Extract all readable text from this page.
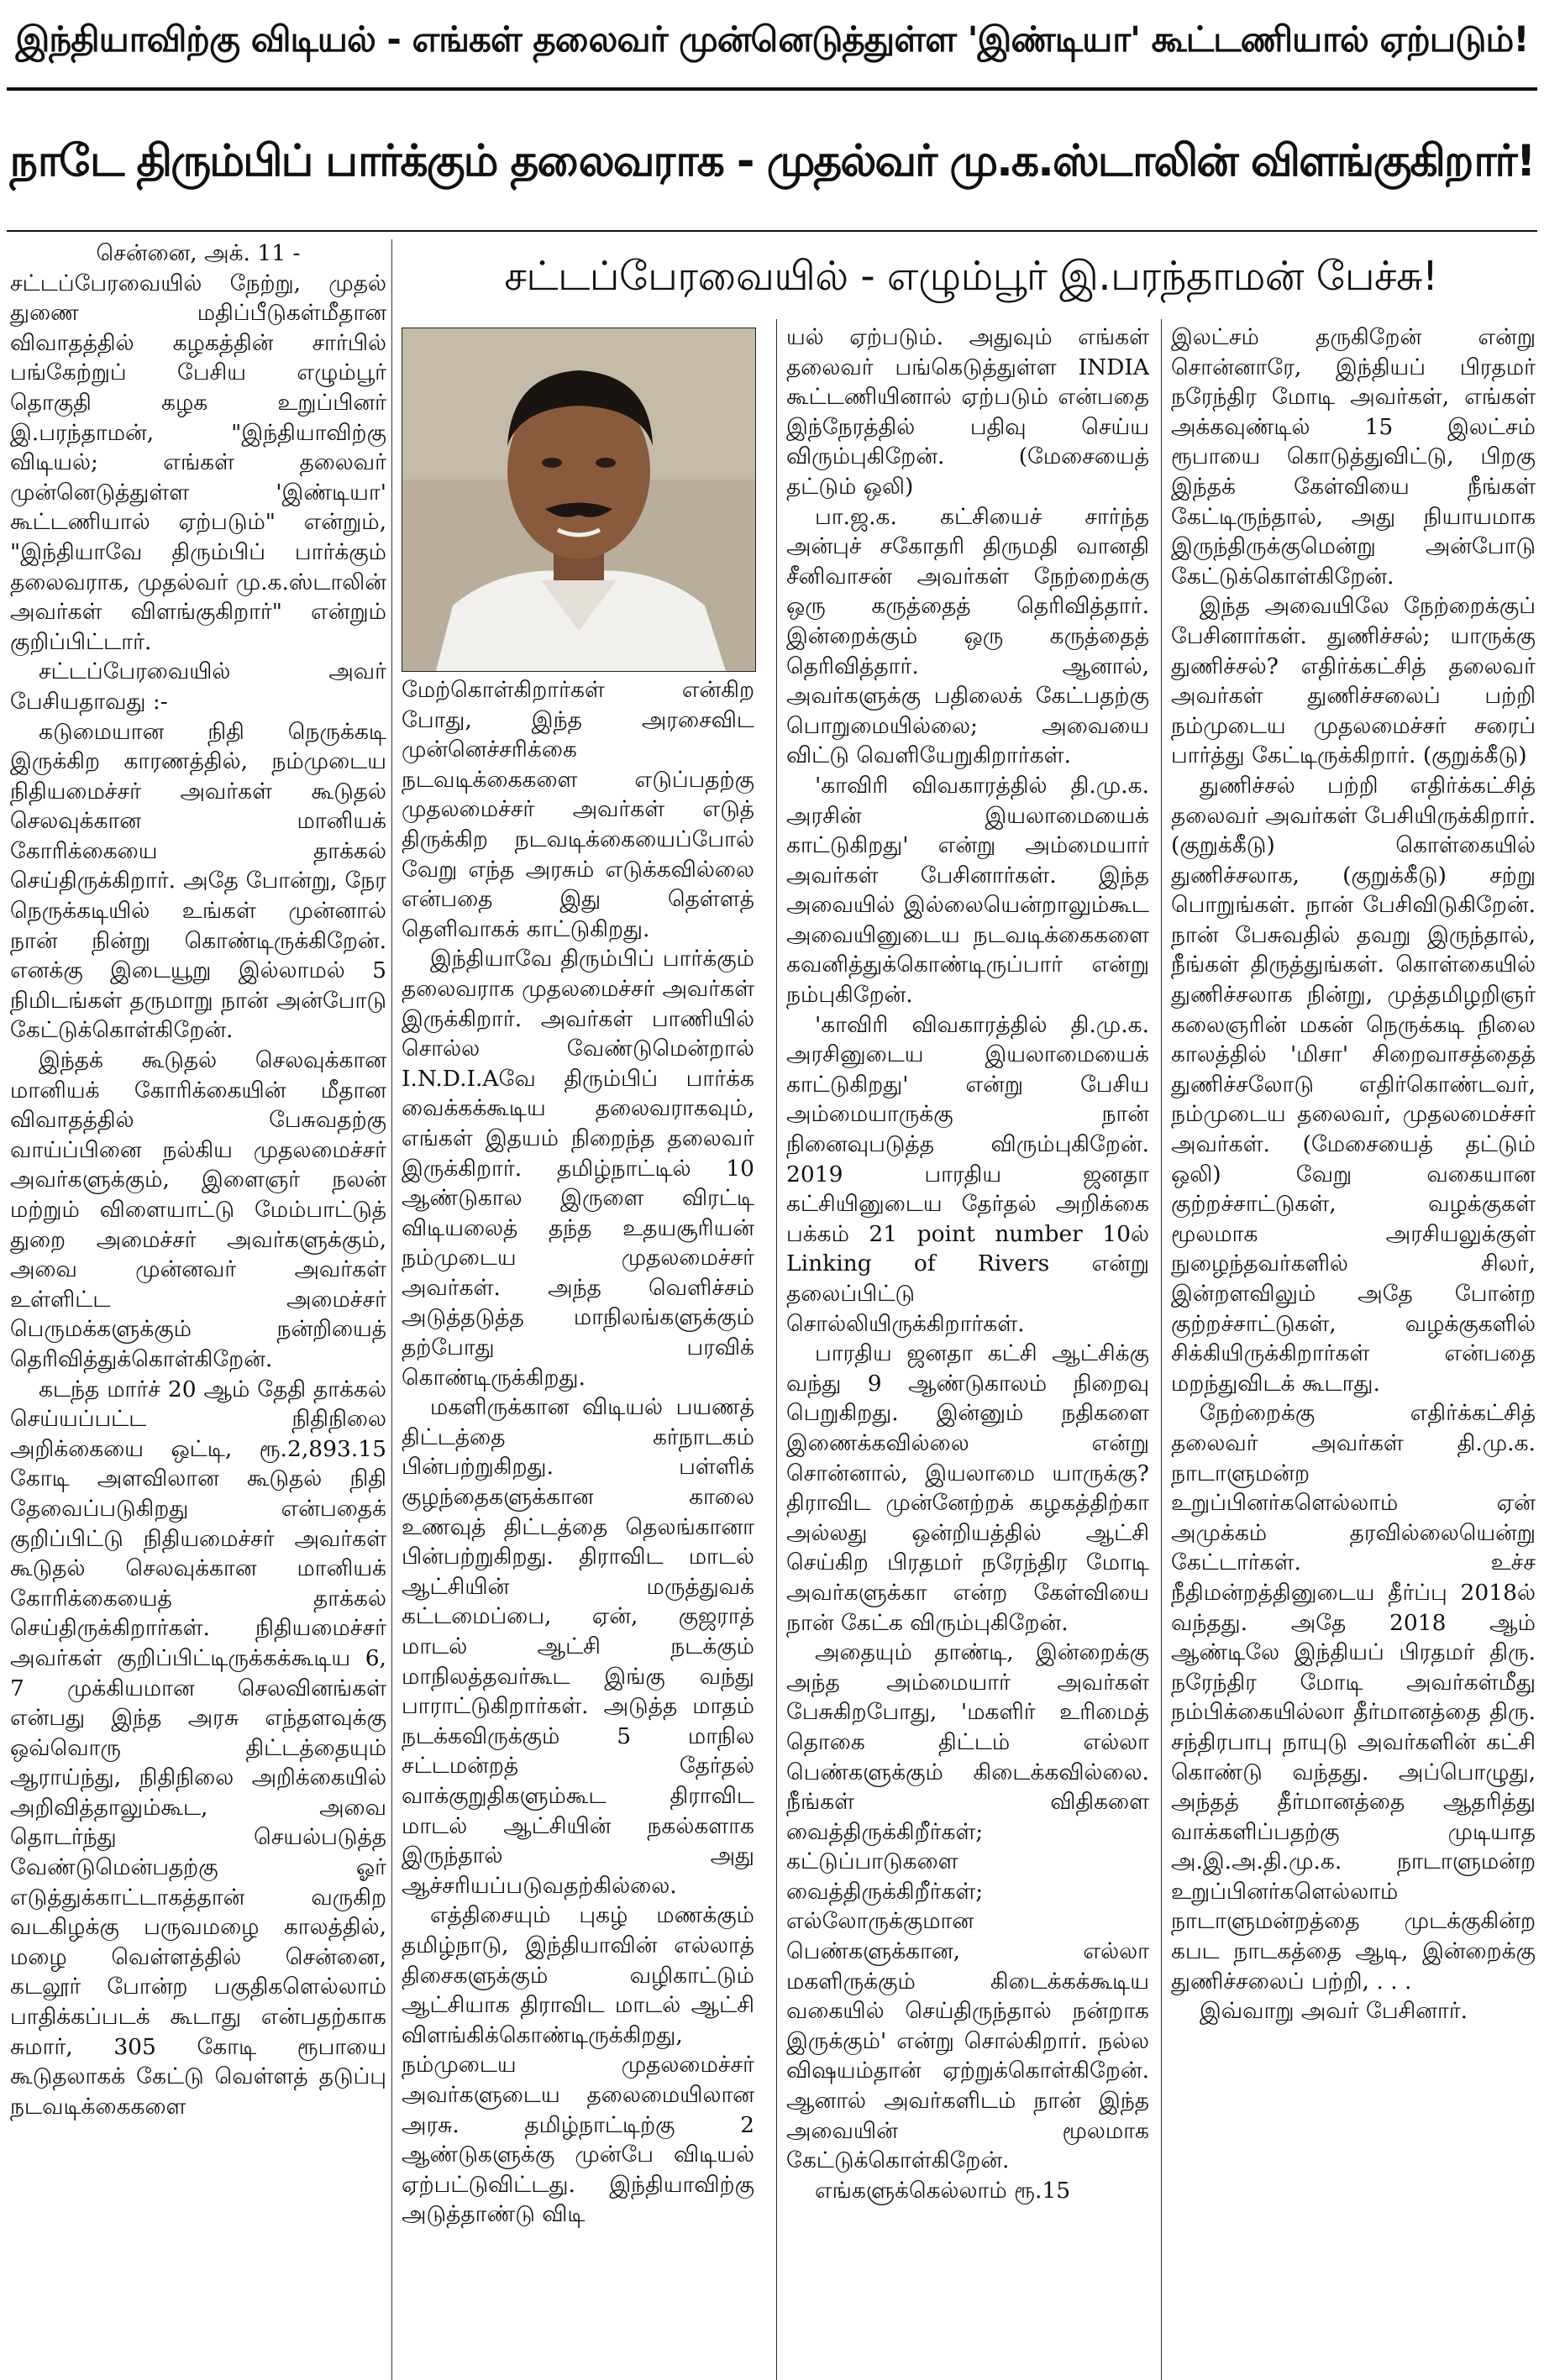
இந்தியாவிற்கு விடியல் - எங்கள் தலைவர் முன்னெடுத்துள்ள 'இண்டியா' கூட்டணியால் ஏற்படும்!
நாடே திரும்பிப் பார்க்கும் தலைவராக - முதல்வர் மு.க.ஸ்டாலின் விளங்குகிறார்!
சட்டப்பேரவையில் - எழும்பூர் இ.பரந்தாமன் பேச்சு!

சென்னை, அக். 11 -

சட்டப்பேரவையில் நேற்று, முதல் துணை மதிப்பீடுகள்மீதான விவாதத்தில் கழகத்தின் சார்பில் பங்கேற்றுப் பேசிய எழும்பூர் தொகுதி கழக உறுப்பினர் இ.பரந்தாமன், "இந்தியாவிற்கு விடியல்; எங்கள் தலைவர் முன்னெடுத்துள்ள 'இண்டியா' கூட்டணியால் ஏற்படும்" என்றும், "இந்தியாவே திரும்பிப் பார்க்கும் தலைவராக, முதல்வர் மு.க.ஸ்டாலின் அவர்கள் விளங்குகிறார்" என்றும் குறிப்பிட்டார்.

சட்டப்பேரவையில் அவர் பேசியதாவது :-

கடுமையான நிதி நெருக்கடி இருக்கிற காரணத்தில், நம்முடைய நிதியமைச்சர் அவர்கள் கூடுதல் செலவுக்கான மானியக் கோரிக்கையை தாக்கல் செய்திருக்கிறார். அதே போன்று, நேர நெருக்கடியில் உங்கள் முன்னால் நான் நின்று கொண்டிருக்கிறேன். எனக்கு இடையூறு இல்லாமல் 5 நிமிடங்கள் தருமாறு நான் அன்போடு கேட்டுக்கொள்கிறேன்.

இந்தக் கூடுதல் செலவுக்கான மானியக் கோரிக்கையின் மீதான விவாதத்தில் பேசுவதற்கு வாய்ப்பினை நல்கிய முதலமைச்சர் அவர்களுக்கும், இளைஞர் நலன் மற்றும் விளையாட்டு மேம்பாட்டுத் துறை அமைச்சர் அவர்களுக்கும், அவை முன்னவர் அவர்கள் உள்ளிட்ட அமைச்சர் பெருமக்களுக்கும் நன்றியைத் தெரிவித்துக்கொள்கிறேன்.

கடந்த மார்ச் 20 ஆம் தேதி தாக்கல் செய்யப்பட்ட நிதிநிலை அறிக்கையை ஒட்டி, ரூ.2,893.15 கோடி அளவிலான கூடுதல் நிதி தேவைப்படுகிறது என்பதைக் குறிப்பிட்டு நிதியமைச்சர் அவர்கள் கூடுதல் செலவுக்கான மானியக் கோரிக்கையைத் தாக்கல் செய்திருக்கிறார்கள். நிதியமைச்சர் அவர்கள் குறிப்பிட்டிருக்கக்கூடிய 6, 7 முக்கியமான செலவினங்கள் என்பது இந்த அரசு எந்தளவுக்கு ஒவ்வொரு திட்டத்தையும் ஆராய்ந்து, நிதிநிலை அறிக்கையில் அறிவித்தாலும்கூட, அவை தொடர்ந்து செயல்படுத்த வேண்டுமென்பதற்கு ஓர் எடுத்துக்காட்டாகத்தான் வருகிற வடகிழக்கு பருவமழை காலத்தில், மழை வெள்ளத்தில் சென்னை, கடலூர் போன்ற பகுதிகளெல்லாம் பாதிக்கப்படக் கூடாது என்பதற்காக சுமார், 305 கோடி ரூபாயை கூடுதலாகக் கேட்டு வெள்ளத் தடுப்பு நடவடிக்கைகளை

மேற்கொள்கிறார்கள் என்கிற போது, இந்த அரசைவிட முன்னெச்சரிக்கை நடவடிக்கைகளை எடுப்பதற்கு முதலமைச்சர் அவர்கள் எடுத் திருக்கிற நடவடிக்கையைப்போல் வேறு எந்த அரசும் எடுக்கவில்லை என்பதை இது தெள்ளத் தெளிவாகக் காட்டுகிறது.

இந்தியாவே திரும்பிப் பார்க்கும் தலைவராக முதலமைச்சர் அவர்கள் இருக்கிறார். அவர்கள் பாணியில் சொல்ல வேண்டுமென்றால் I.N.D.I.Aவே திரும்பிப் பார்க்க வைக்கக்கூடிய தலைவராகவும், எங்கள் இதயம் நிறைந்த தலைவர் இருக்கிறார். தமிழ்நாட்டில் 10 ஆண்டுகால இருளை விரட்டி விடியலைத் தந்த உதயசூரியன் நம்முடைய முதலமைச்சர் அவர்கள். அந்த வெளிச்சம் அடுத்தடுத்த மாநிலங்களுக்கும் தற்போது பரவிக் கொண்டிருக்கிறது.

மகளிருக்கான விடியல் பயணத் திட்டத்தை கர்நாடகம் பின்பற்றுகிறது. பள்ளிக் குழந்தைகளுக்கான காலை உணவுத் திட்டத்தை தெலங்கானா பின்பற்றுகிறது. திராவிட மாடல் ஆட்சியின் மருத்துவக் கட்டமைப்பை, ஏன், குஜராத் மாடல் ஆட்சி நடக்கும் மாநிலத்தவர்கூட இங்கு வந்து பாராட்டுகிறார்கள். அடுத்த மாதம் நடக்கவிருக்கும் 5 மாநில சட்டமன்றத் தேர்தல் வாக்குறுதிகளும்கூட திராவிட மாடல் ஆட்சியின் நகல்களாக இருந்தால் அது ஆச்சரியப்படுவதற்கில்லை.

எத்திசையும் புகழ் மணக்கும் தமிழ்நாடு, இந்தியாவின் எல்லாத் திசைகளுக்கும் வழிகாட்டும் ஆட்சியாக திராவிட மாடல் ஆட்சி விளங்கிக்கொண்டிருக்கிறது, நம்முடைய முதலமைச்சர் அவர்களுடைய தலைமையிலான அரசு. தமிழ்நாட்டிற்கு 2 ஆண்டுகளுக்கு முன்பே விடியல் ஏற்பட்டுவிட்டது. இந்தியாவிற்கு அடுத்தாண்டு விடி

யல் ஏற்படும். அதுவும் எங்கள் தலைவர் பங்கெடுத்துள்ள INDIA கூட்டணியினால் ஏற்படும் என்பதை இந்நேரத்தில் பதிவு செய்ய விரும்புகிறேன். (மேசையைத் தட்டும் ஒலி)

பா.ஜ.க. கட்சியைச் சார்ந்த அன்புச் சகோதரி திருமதி வானதி சீனிவாசன் அவர்கள் நேற்றைக்கு ஒரு கருத்தைத் தெரிவித்தார். இன்றைக்கும் ஒரு கருத்தைத் தெரிவித்தார். ஆனால், அவர்களுக்கு பதிலைக் கேட்பதற்கு பொறுமையில்லை; அவையை விட்டு வெளியேறுகிறார்கள்.

'காவிரி விவகாரத்தில் தி.மு.க. அரசின் இயலாமையைக் காட்டுகிறது' என்று அம்மையார் அவர்கள் பேசினார்கள். இந்த அவையில் இல்லையென்றாலும்கூட அவையினுடைய நடவடிக்கைகளை கவனித்துக்கொண்டிருப்பார் என்று நம்புகிறேன்.

'காவிரி விவகாரத்தில் தி.மு.க. அரசினுடைய இயலாமையைக் காட்டுகிறது' என்று பேசிய அம்மையாருக்கு நான் நினைவுபடுத்த விரும்புகிறேன். 2019 பாரதிய ஜனதா கட்சியினுடைய தேர்தல் அறிக்கை பக்கம் 21 point number 10ல் Linking of Rivers என்று தலைப்பிட்டு சொல்லியிருக்கிறார்கள்.

பாரதிய ஜனதா கட்சி ஆட்சிக்கு வந்து 9 ஆண்டுகாலம் நிறைவு பெறுகிறது. இன்னும் நதிகளை இணைக்கவில்லை என்று சொன்னால், இயலாமை யாருக்கு? திராவிட முன்னேற்றக் கழகத்திற்கா அல்லது ஒன்றியத்தில் ஆட்சி செய்கிற பிரதமர் நரேந்திர மோடி அவர்களுக்கா என்ற கேள்வியை நான் கேட்க விரும்புகிறேன்.

அதையும் தாண்டி, இன்றைக்கு அந்த அம்மையார் அவர்கள் பேசுகிறபோது, 'மகளிர் உரிமைத் தொகை திட்டம் எல்லா பெண்களுக்கும் கிடைக்கவில்லை. நீங்கள் விதிகளை வைத்திருக்கிறீர்கள்; கட்டுப்பாடுகளை வைத்திருக்கிறீர்கள்; எல்லோருக்குமான பெண்களுக்கான, எல்லா மகளிருக்கும் கிடைக்கக்கூடிய வகையில் செய்திருந்தால் நன்றாக இருக்கும்' என்று சொல்கிறார். நல்ல விஷயம்தான் ஏற்றுக்கொள்கிறேன். ஆனால் அவர்களிடம் நான் இந்த அவையின் மூலமாக கேட்டுக்கொள்கிறேன்.

எங்களுக்கெல்லாம் ரூ.15

இலட்சம் தருகிறேன் என்று சொன்னாரே, இந்தியப் பிரதமர் நரேந்திர மோடி அவர்கள், எங்கள் அக்கவுண்டில் 15 இலட்சம் ரூபாயை கொடுத்துவிட்டு, பிறகு இந்தக் கேள்வியை நீங்கள் கேட்டிருந்தால், அது நியாயமாக இருந்திருக்குமென்று அன்போடு கேட்டுக்கொள்கிறேன்.

இந்த அவையிலே நேற்றைக்குப் பேசினார்கள். துணிச்சல்; யாருக்கு துணிச்சல்? எதிர்க்கட்சித் தலைவர் அவர்கள் துணிச்சலைப் பற்றி நம்முடைய முதலமைச்சர் சரைப் பார்த்து கேட்டிருக்கிறார். (குறுக்கீடு)

துணிச்சல் பற்றி எதிர்க்கட்சித் தலைவர் அவர்கள் பேசியிருக்கிறார். (குறுக்கீடு) கொள்கையில் துணிச்சலாக, (குறுக்கீடு) சற்று பொறுங்கள். நான் பேசிவிடுகிறேன். நான் பேசுவதில் தவறு இருந்தால், நீங்கள் திருத்துங்கள். கொள்கையில் துணிச்சலாக நின்று, முத்தமிழறிஞர் கலைஞரின் மகன் நெருக்கடி நிலை காலத்தில் 'மிசா' சிறைவாசத்தைத் துணிச்சலோடு எதிர்கொண்டவர், நம்முடைய தலைவர், முதலமைச்சர் அவர்கள். (மேசையைத் தட்டும் ஒலி) வேறு வகையான குற்றச்சாட்டுகள், வழக்குகள் மூலமாக அரசியலுக்குள் நுழைந்தவர்களில் சிலர், இன்றளவிலும் அதே போன்ற குற்றச்சாட்டுகள், வழக்குகளில் சிக்கியிருக்கிறார்கள் என்பதை மறந்துவிடக் கூடாது.

நேற்றைக்கு எதிர்க்கட்சித் தலைவர் அவர்கள் தி.மு.க. நாடாளுமன்ற உறுப்பினர்களெல்லாம் ஏன் அமுக்கம் தரவில்லையென்று கேட்டார்கள். உச்ச நீதிமன்றத்தினுடைய தீர்ப்பு 2018ல் வந்தது. அதே 2018 ஆம் ஆண்டிலே இந்தியப் பிரதமர் திரு. நரேந்திர மோடி அவர்கள்மீது நம்பிக்கையில்லா தீர்மானத்தை திரு. சந்திரபாபு நாயுடு அவர்களின் கட்சி கொண்டு வந்தது. அப்பொழுது, அந்தத் தீர்மானத்தை ஆதரித்து வாக்களிப்பதற்கு முடியாத அ.இ.அ.தி.மு.க. நாடாளுமன்ற உறுப்பினர்களெல்லாம் நாடாளுமன்றத்தை முடக்குகின்ற கபட நாடகத்தை ஆடி, இன்றைக்கு துணிச்சலைப் பற்றி, . . .

இவ்வாறு அவர் பேசினார்.
